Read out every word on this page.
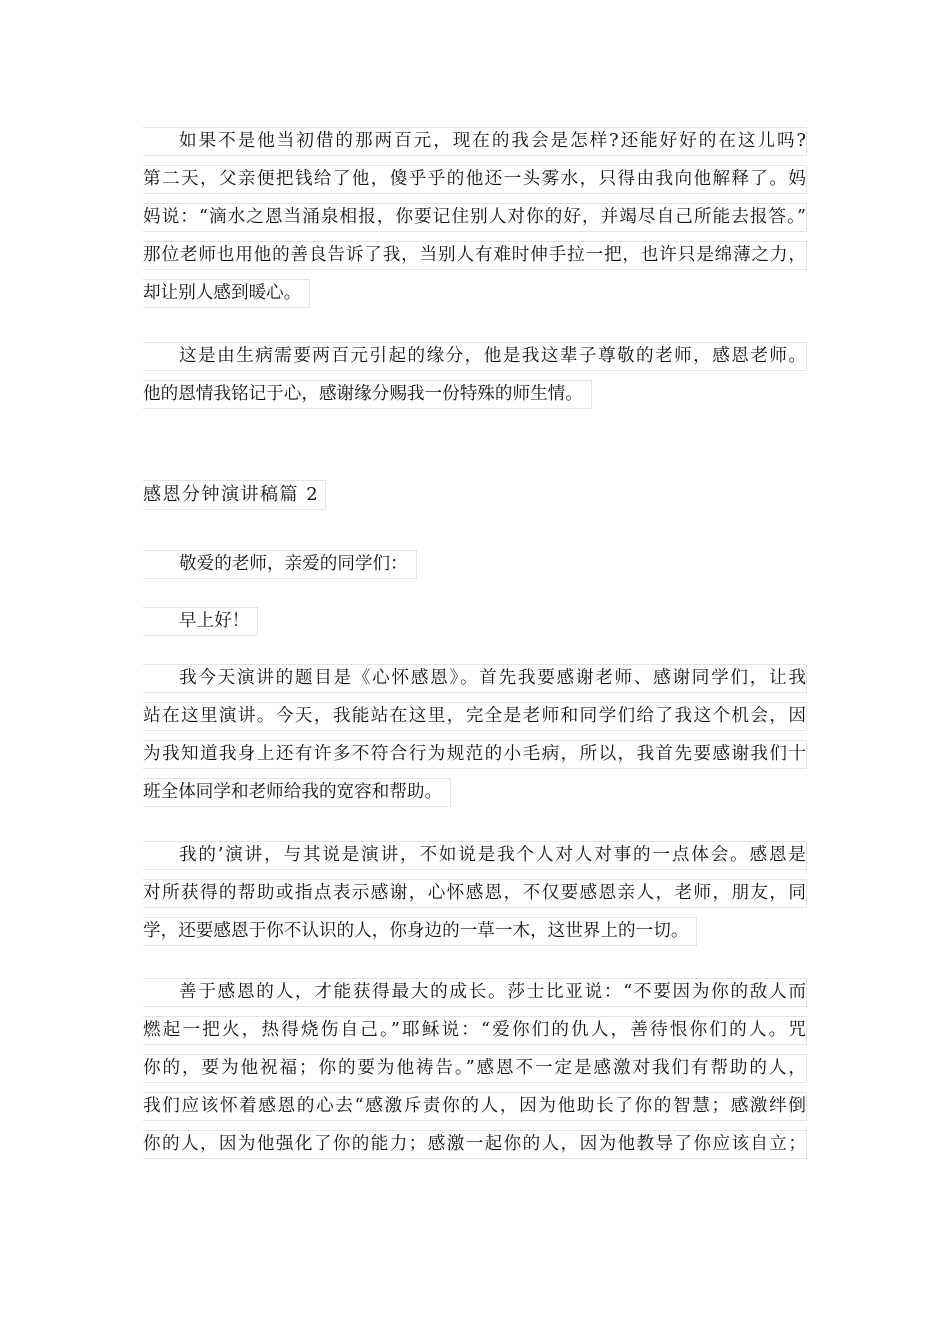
如果不是他当初借的那两百元，现在的我会是怎样?还能好好的在这儿吗?
第二天，父亲便把钱给了他，傻乎乎的他还一头雾水，只得由我向他解释了。妈
妈说：“滴水之恩当涌泉相报，你要记住别人对你的好，并竭尽自己所能去报答。”
那位老师也用他的善良告诉了我，当别人有难时伸手拉一把，也许只是绵薄之力，
却让别人感到暖心。
这是由生病需要两百元引起的缘分，他是我这辈子尊敬的老师，感恩老师。
他的恩情我铭记于心，感谢缘分赐我一份特殊的师生情。
感恩分钟演讲稿篇 2
敬爱的老师，亲爱的同学们：
早上好！
我今天演讲的题目是《心怀感恩》。首先我要感谢老师、感谢同学们，让我
站在这里演讲。今天，我能站在这里，完全是老师和同学们给了我这个机会，因
为我知道我身上还有许多不符合行为规范的小毛病，所以，我首先要感谢我们十
班全体同学和老师给我的宽容和帮助。
我的’演讲，与其说是演讲，不如说是我个人对人对事的一点体会。感恩是
对所获得的帮助或指点表示感谢，心怀感恩，不仅要感恩亲人，老师，朋友，同
学，还要感恩于你不认识的人，你身边的一草一木，这世界上的一切。
善于感恩的人，才能获得最大的成长。莎士比亚说：“不要因为你的敌人而
燃起一把火，热得烧伤自己。”耶稣说：“爱你们的仇人，善待恨你们的人。咒
你的，要为他祝福；你的要为他祷告。”感恩不一定是感激对我们有帮助的人，
我们应该怀着感恩的心去“感激斥责你的人，因为他助长了你的智慧；感激绊倒
你的人，因为他强化了你的能力；感激一起你的人，因为他教导了你应该自立；
